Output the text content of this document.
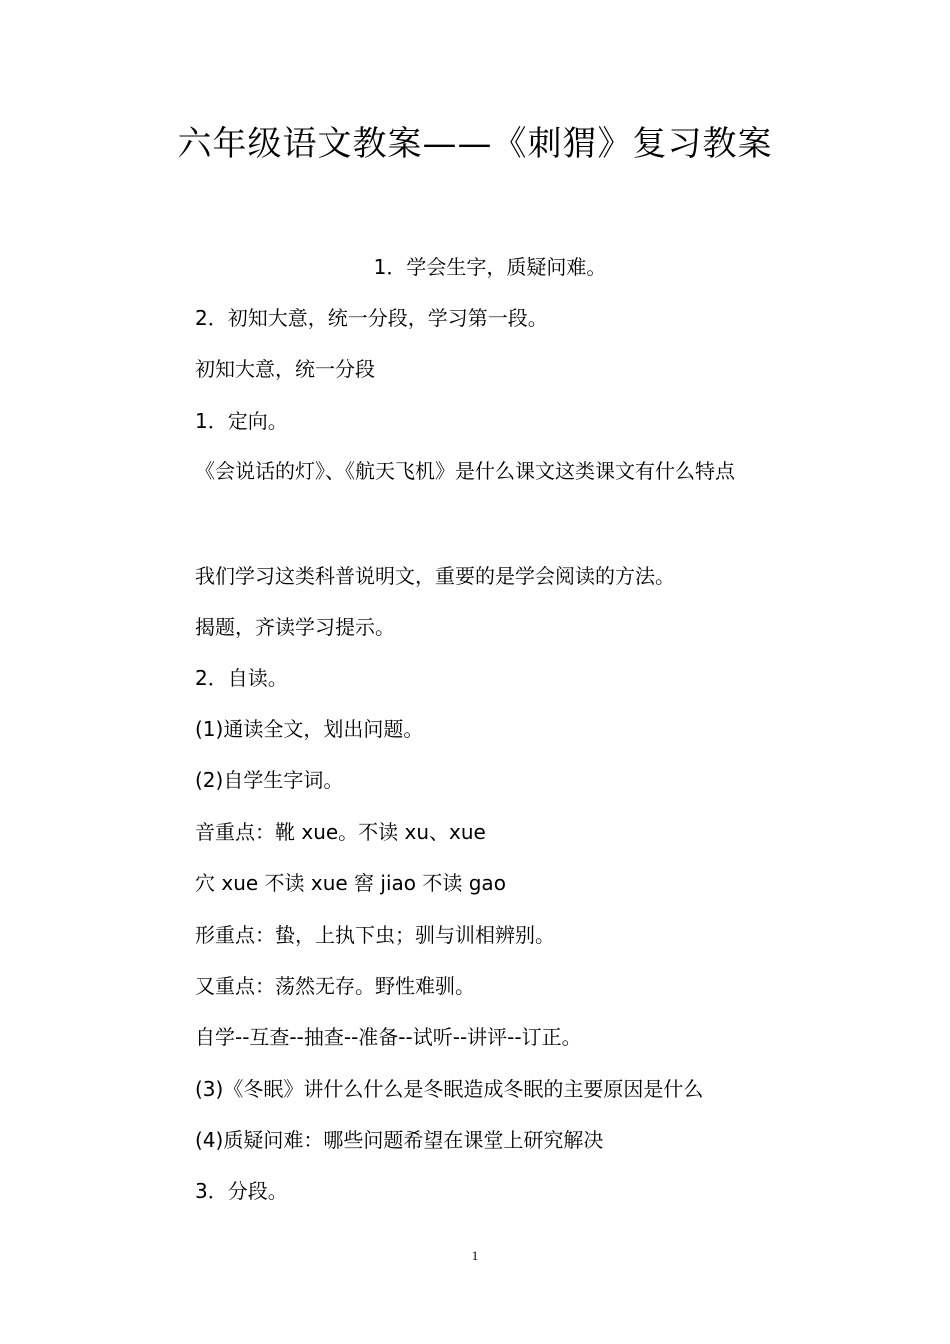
六年级语文教案——《刺猬》复习教案
1．学会生字，质疑问难。
2．初知大意，统一分段，学习第一段。
初知大意，统一分段
1．定向。
《会说话的灯》、《航天飞机》是什么课文这类课文有什么特点
我们学习这类科普说明文，重要的是学会阅读的方法。
揭题，齐读学习提示。
2．自读。
(1)通读全文，划出问题。
(2)自学生字词。
音重点：靴 xue。不读 xu、xue
穴 xue 不读 xue 窖 jiao 不读 gao
形重点：蛰，上执下虫；驯与训相辨别。
又重点：荡然无存。野性难驯。
自学--互查--抽查--准备--试听--讲评--订正。
(3)《冬眠》讲什么什么是冬眠造成冬眠的主要原因是什么
(4)质疑问难：哪些问题希望在课堂上研究解决
3．分段。
1
